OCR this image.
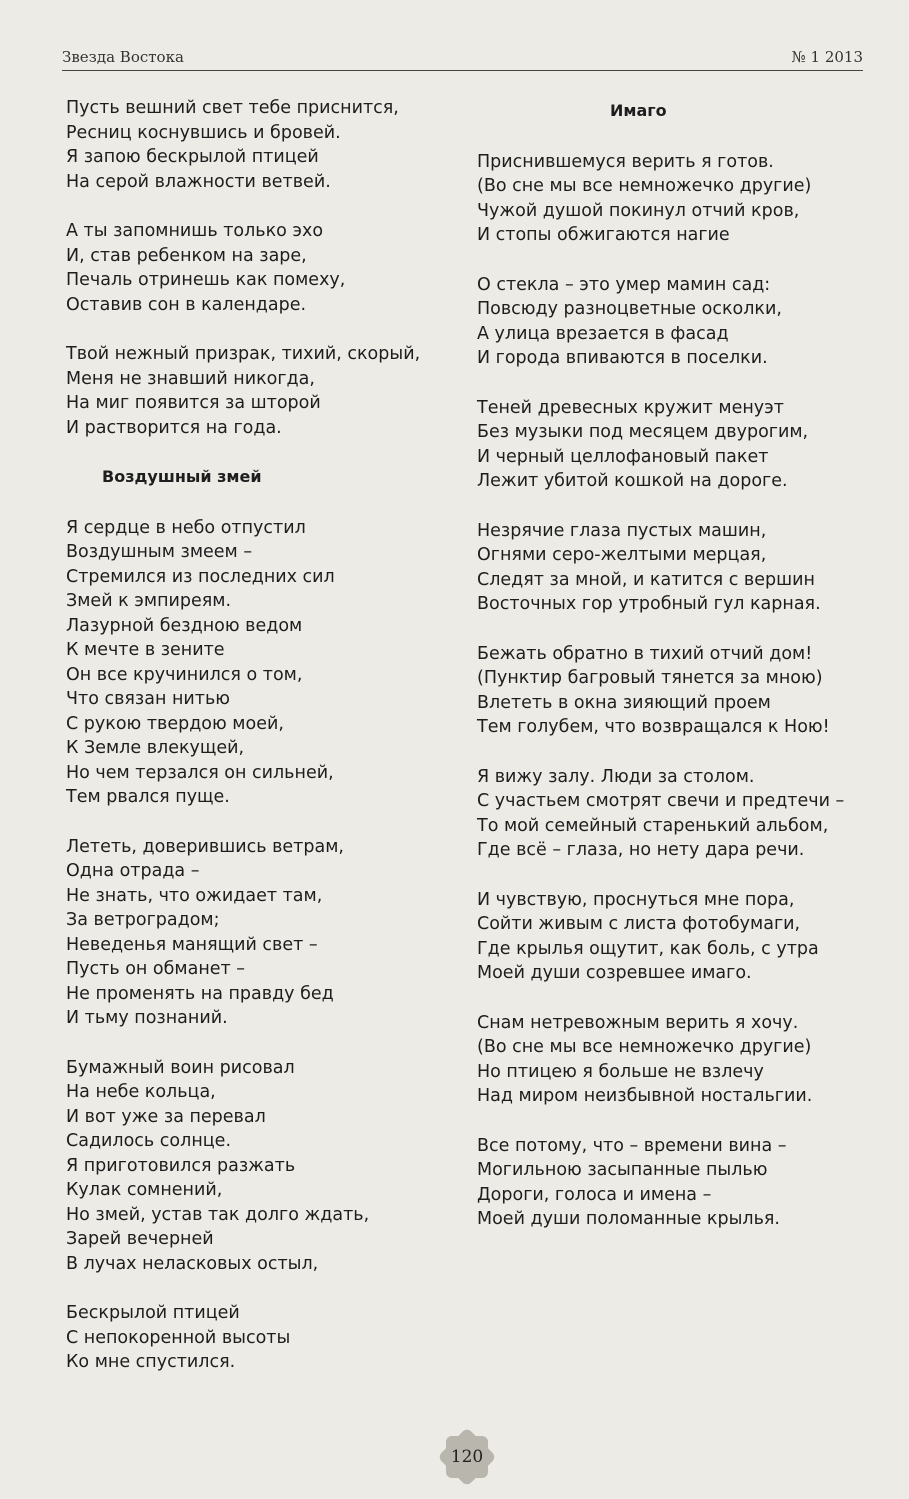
Звезда Востока	№ 1 2013
Пусть вешний свет тебе приснится,
Ресниц коснувшись и бровей.
Я запою бескрылой птицей
На серой влажности ветвей.
А ты запомнишь только эхо
И, став ребенком на заре,
Печаль отринешь как помеху,
Оставив сон в календаре.
Твой нежный призрак, тихий, скорый,
Меня не знавший никогда,
На миг появится за шторой
И растворится на года.
Воздушный змей
Я сердце в небо отпустил
Воздушным змеем –
Стремился из последних сил
Змей к эмпиреям.
Лазурной бездною ведом
К мечте в зените
Он все кручинился о том,
Что связан нитью
С рукою твердою моей,
К Земле влекущей,
Но чем терзался он сильней,
Тем рвался пуще.
Лететь, доверившись ветрам,
Одна отрада –
Не знать, что ожидает там,
За ветроградом;
Неведенья манящий свет –
Пусть он обманет –
Не променять на правду бед
И тьму познаний.
Бумажный воин рисовал
На небе кольца,
И вот уже за перевал
Садилось солнце.
Я приготовился разжать
Кулак сомнений,
Но змей, устав так долго ждать,
Зарей вечерней
В лучах неласковых остыл,
Бескрылой птицей
С непокоренной высоты
Ко мне спустился.
Имаго
Приснившемуся верить я готов.
(Во сне мы все немножечко другие)
Чужой душой покинул отчий кров,
И стопы обжигаются нагие
О стекла – это умер мамин сад:
Повсюду разноцветные осколки,
А улица врезается в фасад
И города впиваются в поселки.
Теней древесных кружит менуэт
Без музыки под месяцем двурогим,
И черный целлофановый пакет
Лежит убитой кошкой на дороге.
Незрячие глаза пустых машин,
Огнями серо-желтыми мерцая,
Следят за мной, и катится с вершин
Восточных гор утробный гул карная.
Бежать обратно в тихий отчий дом!
(Пунктир багровый тянется за мною)
Влететь в окна зияющий проем
Тем голубем, что возвращался к Ною!
Я вижу залу. Люди за столом.
С участьем смотрят свечи и предтечи –
То мой семейный старенький альбом,
Где всё – глаза, но нету дара речи.
И чувствую, проснуться мне пора,
Сойти живым с листа фотобумаги,
Где крылья ощутит, как боль, с утра
Моей души созревшее имаго.
Снам нетревожным верить я хочу.
(Во сне мы все немножечко другие)
Но птицею я больше не взлечу
Над миром неизбывной ностальгии.
Все потому, что – времени вина –
Могильною засыпанные пылью
Дороги, голоса и имена –
Моей души поломанные крылья.
120
